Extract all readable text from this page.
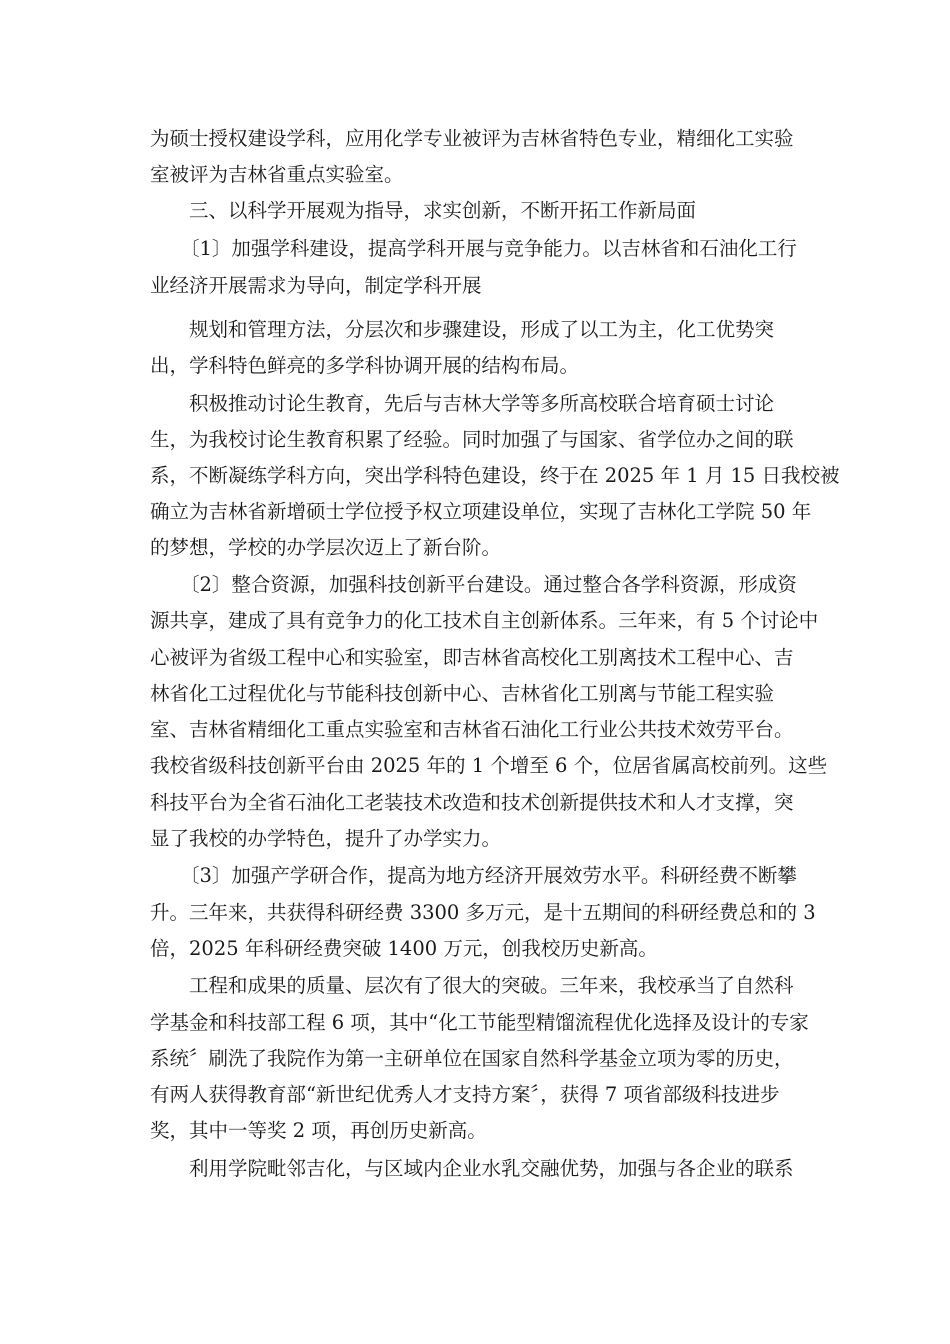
为硕士授权建设学科，应用化学专业被评为吉林省特色专业，精细化工实验
室被评为吉林省重点实验室。
三、以科学开展观为指导，求实创新，不断开拓工作新局面
〔1〕加强学科建设，提高学科开展与竞争能力。以吉林省和石油化工行
业经济开展需求为导向，制定学科开展
规划和管理方法，分层次和步骤建设，形成了以工为主，化工优势突
出，学科特色鲜亮的多学科协调开展的结构布局。
积极推动讨论生教育，先后与吉林大学等多所高校联合培育硕士讨论
生，为我校讨论生教育积累了经验。同时加强了与国家、省学位办之间的联
系，不断凝练学科方向，突出学科特色建设，终于在 2025 年 1 月 15 日我校被
确立为吉林省新增硕士学位授予权立项建设单位，实现了吉林化工学院 50 年
的梦想，学校的办学层次迈上了新台阶。
〔2〕整合资源，加强科技创新平台建设。通过整合各学科资源，形成资
源共享，建成了具有竞争力的化工技术自主创新体系。三年来，有 5 个讨论中
心被评为省级工程中心和实验室，即吉林省高校化工别离技术工程中心、吉
林省化工过程优化与节能科技创新中心、吉林省化工别离与节能工程实验
室、吉林省精细化工重点实验室和吉林省石油化工行业公共技术效劳平台。
我校省级科技创新平台由 2025 年的 1 个增至 6 个，位居省属高校前列。这些
科技平台为全省石油化工老装技术改造和技术创新提供技术和人才支撑，突
显了我校的办学特色，提升了办学实力。
〔3〕加强产学研合作，提高为地方经济开展效劳水平。科研经费不断攀
升。三年来，共获得科研经费 3300 多万元，是十五期间的科研经费总和的 3
倍，2025 年科研经费突破 1400 万元，创我校历史新高。
工程和成果的质量、层次有了很大的突破。三年来，我校承当了自然科
学基金和科技部工程 6 项，其中“化工节能型精馏流程优化选择及设计的专家
系统〞刷洗了我院作为第一主研单位在国家自然科学基金立项为零的历史，
有两人获得教育部“新世纪优秀人才支持方案〞，获得 7 项省部级科技进步
奖，其中一等奖 2 项，再创历史新高。
利用学院毗邻吉化，与区域内企业水乳交融优势，加强与各企业的联系
